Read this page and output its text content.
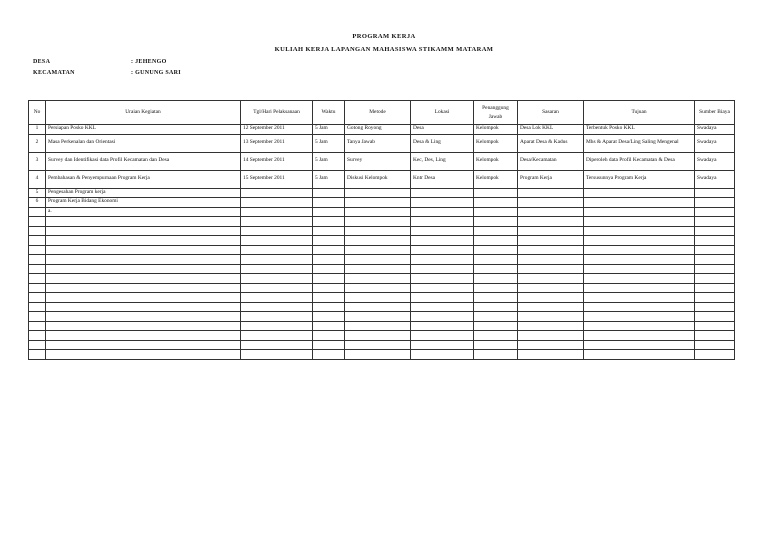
PROGRAM KERJA
KULIAH KERJA LAPANGAN MAHASISWA STIKAMM MATARAM
DESA	: JEHENGO
KECAMATAN	: GUNUNG SARI
No	Uraian Kegiatan	Tgl/Hari Pelaksanaan	Waktu	Metode	Lokasi	Penanggung Jawab	Sasaran	Tujuan	Sumber Biaya
1	Persiapan Posko KKL	12 September 2011	5 Jam	Gotong Royong	Desa	Kelompok	Desa Lok KKL	Terbentuk Posko KKL	Swadaya
2	Masa Perkenalan dan Orientasi	13 September 2011	5 Jam	Tanya Jawab	Desa & Ling	Kelompok	Aparat Desa & Kadus	Mhs & Aparat Desa/Ling Saling Mengenal	Swadaya
3	Survey dan Identifikasi data Profil Kecamatan dan Desa	14 September 2011	5 Jam	Survey	Kec, Des, Ling	Kelompok	Desa/Kecamatan	Diperoleh data Profil Kecamatan & Desa	Swadaya
4	Pembahasan & Penyempurnaan Program Kerja	15 September 2011	5 Jam	Diskusi Kelompok	Kntr Desa	Kelompok	Program Kerja	Tersusunnya Program Kerja	Swadaya
5	Pengesahan Program kerja								
6	Program Kerja Bidang Ekonomi								
	a.								
